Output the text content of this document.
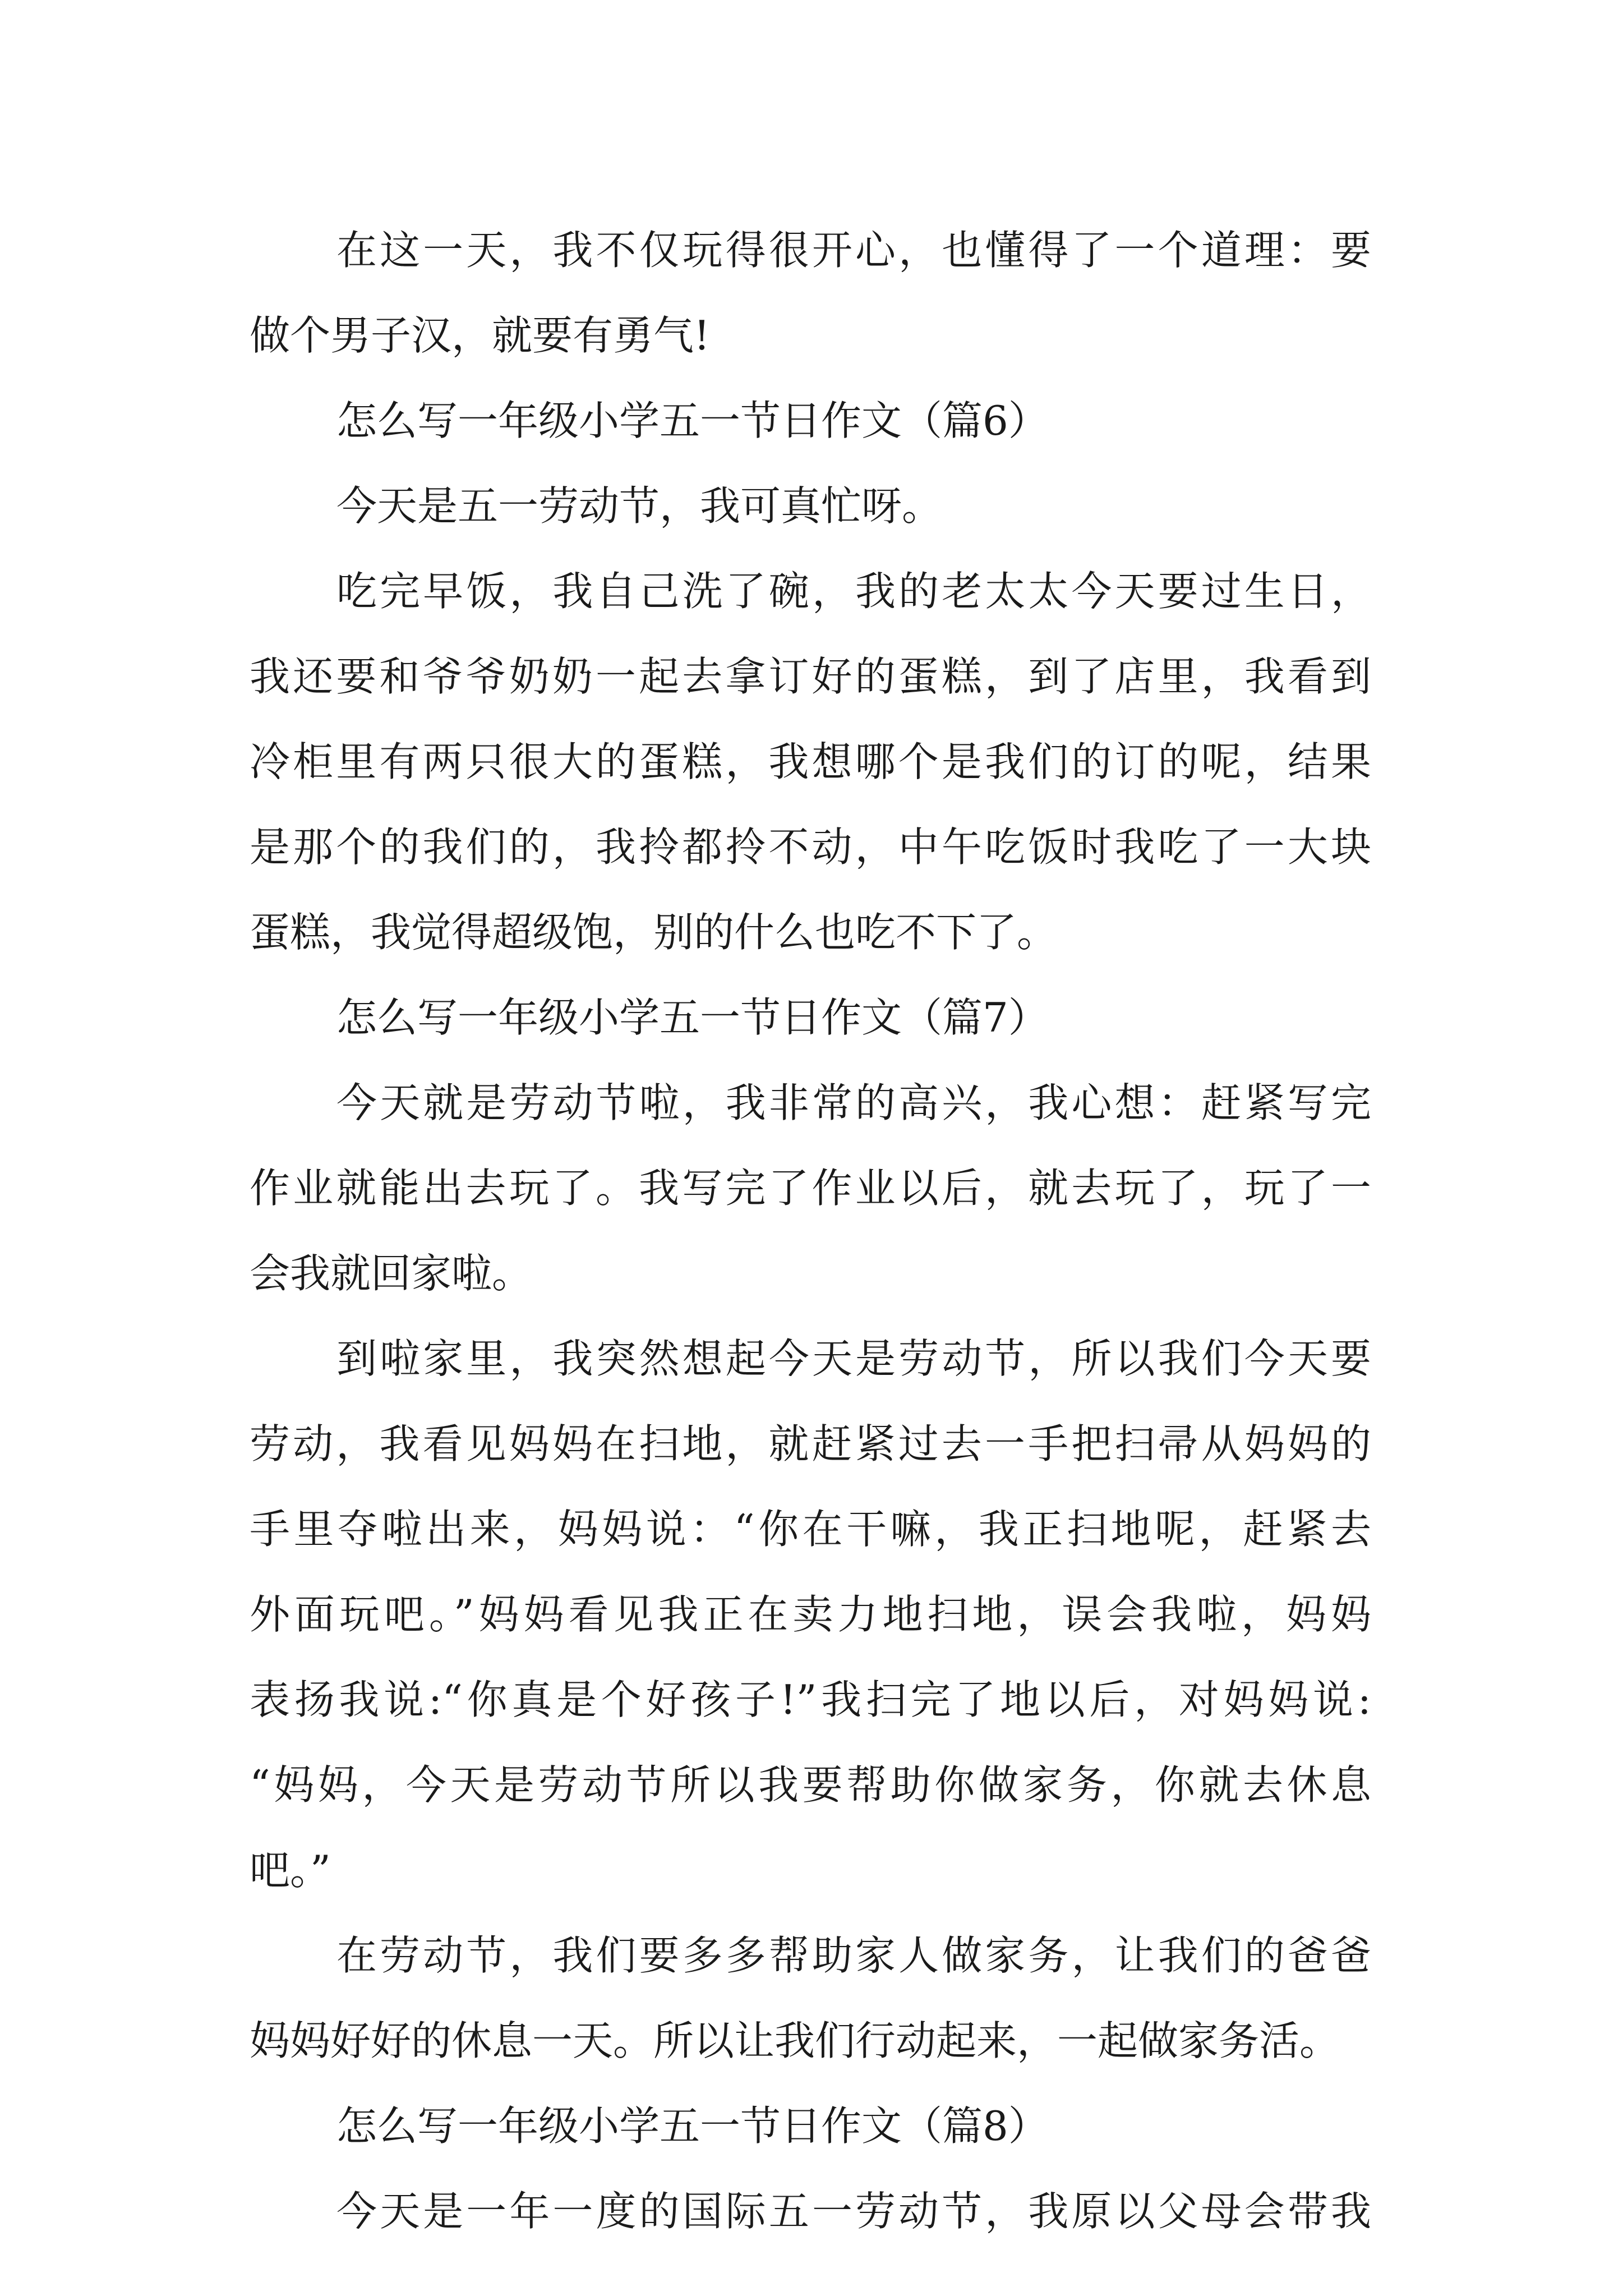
在这一天，我不仅玩得很开心，也懂得了一个道理：要

做个男子汉，就要有勇气!

怎么写一年级小学五一节日作文（篇6）

今天是五一劳动节，我可真忙呀。

吃完早饭，我自己洗了碗，我的老太太今天要过生日，

我还要和爷爷奶奶一起去拿订好的蛋糕，到了店里，我看到

冷柜里有两只很大的蛋糕，我想哪个是我们的订的呢，结果

是那个的我们的，我拎都拎不动，中午吃饭时我吃了一大块

蛋糕，我觉得超级饱，别的什么也吃不下了。

怎么写一年级小学五一节日作文（篇7）

今天就是劳动节啦，我非常的高兴，我心想：赶紧写完

作业就能出去玩了。我写完了作业以后，就去玩了，玩了一

会我就回家啦。

到啦家里，我突然想起今天是劳动节，所以我们今天要

劳动，我看见妈妈在扫地，就赶紧过去一手把扫帚从妈妈的

手里夺啦出来，妈妈说：“你在干嘛，我正扫地呢，赶紧去

外面玩吧。”妈妈看见我正在卖力地扫地，误会我啦，妈妈

表扬我说:“你真是个好孩子!”我扫完了地以后，对妈妈说:

“妈妈，今天是劳动节所以我要帮助你做家务，你就去休息

吧。”

在劳动节，我们要多多帮助家人做家务，让我们的爸爸

妈妈好好的休息一天。所以让我们行动起来，一起做家务活。

怎么写一年级小学五一节日作文（篇8）

今天是一年一度的国际五一劳动节，我原以父母会带我
